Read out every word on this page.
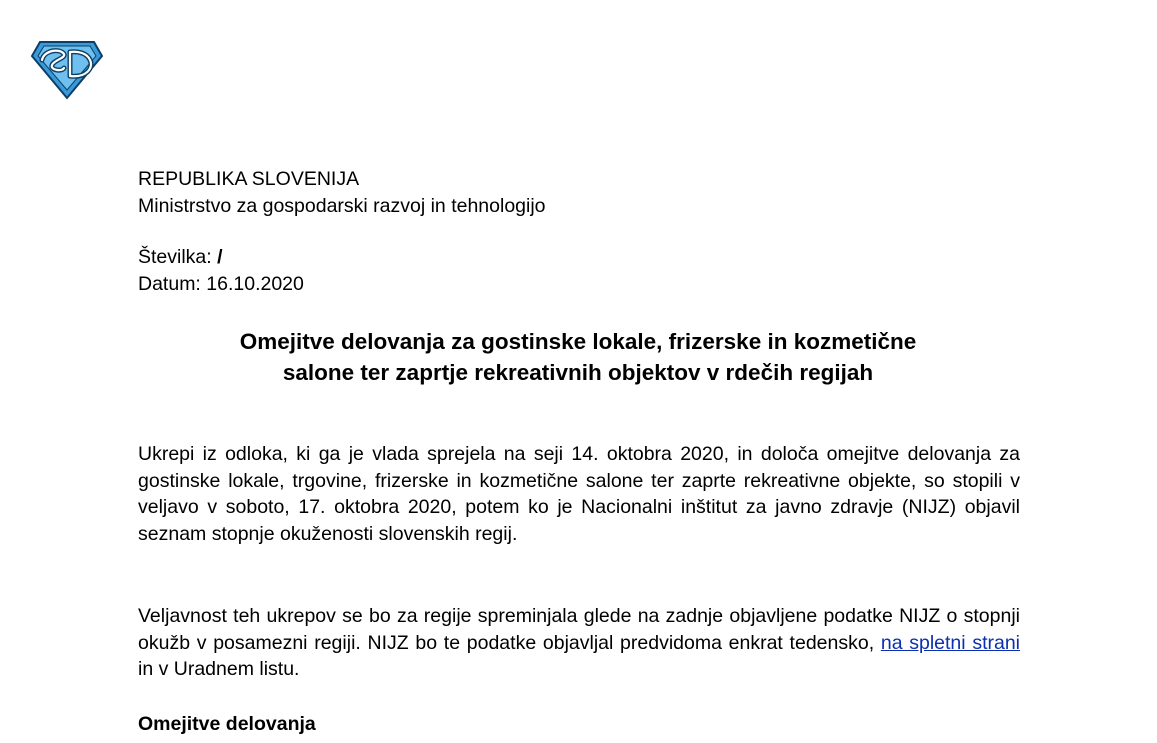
REPUBLIKA SLOVENIJA
Ministrstvo za gospodarski razvoj in tehnologijo
Številka: /
Datum: 16.10.2020
Omejitve delovanja za gostinske lokale, frizerske in kozmetične
salone ter zaprtje rekreativnih objektov v rdečih regijah

Ukrepi iz odloka, ki ga je vlada sprejela na seji 14. oktobra 2020, in določa omejitve delovanja za gostinske lokale, trgovine, frizerske in kozmetične salone ter zaprte rekreativne objekte, so stopili v veljavo v soboto, 17. oktobra 2020, potem ko je Nacionalni inštitut za javno zdravje (NIJZ) objavil seznam stopnje okuženosti slovenskih regij.

Veljavnost teh ukrepov se bo za regije spreminjala glede na zadnje objavljene podatke NIJZ o stopnji okužb v posamezni regiji. NIJZ bo te podatke objavljal predvidoma enkrat tedensko, na spletni strani in v Uradnem listu.

Omejitve delovanja
